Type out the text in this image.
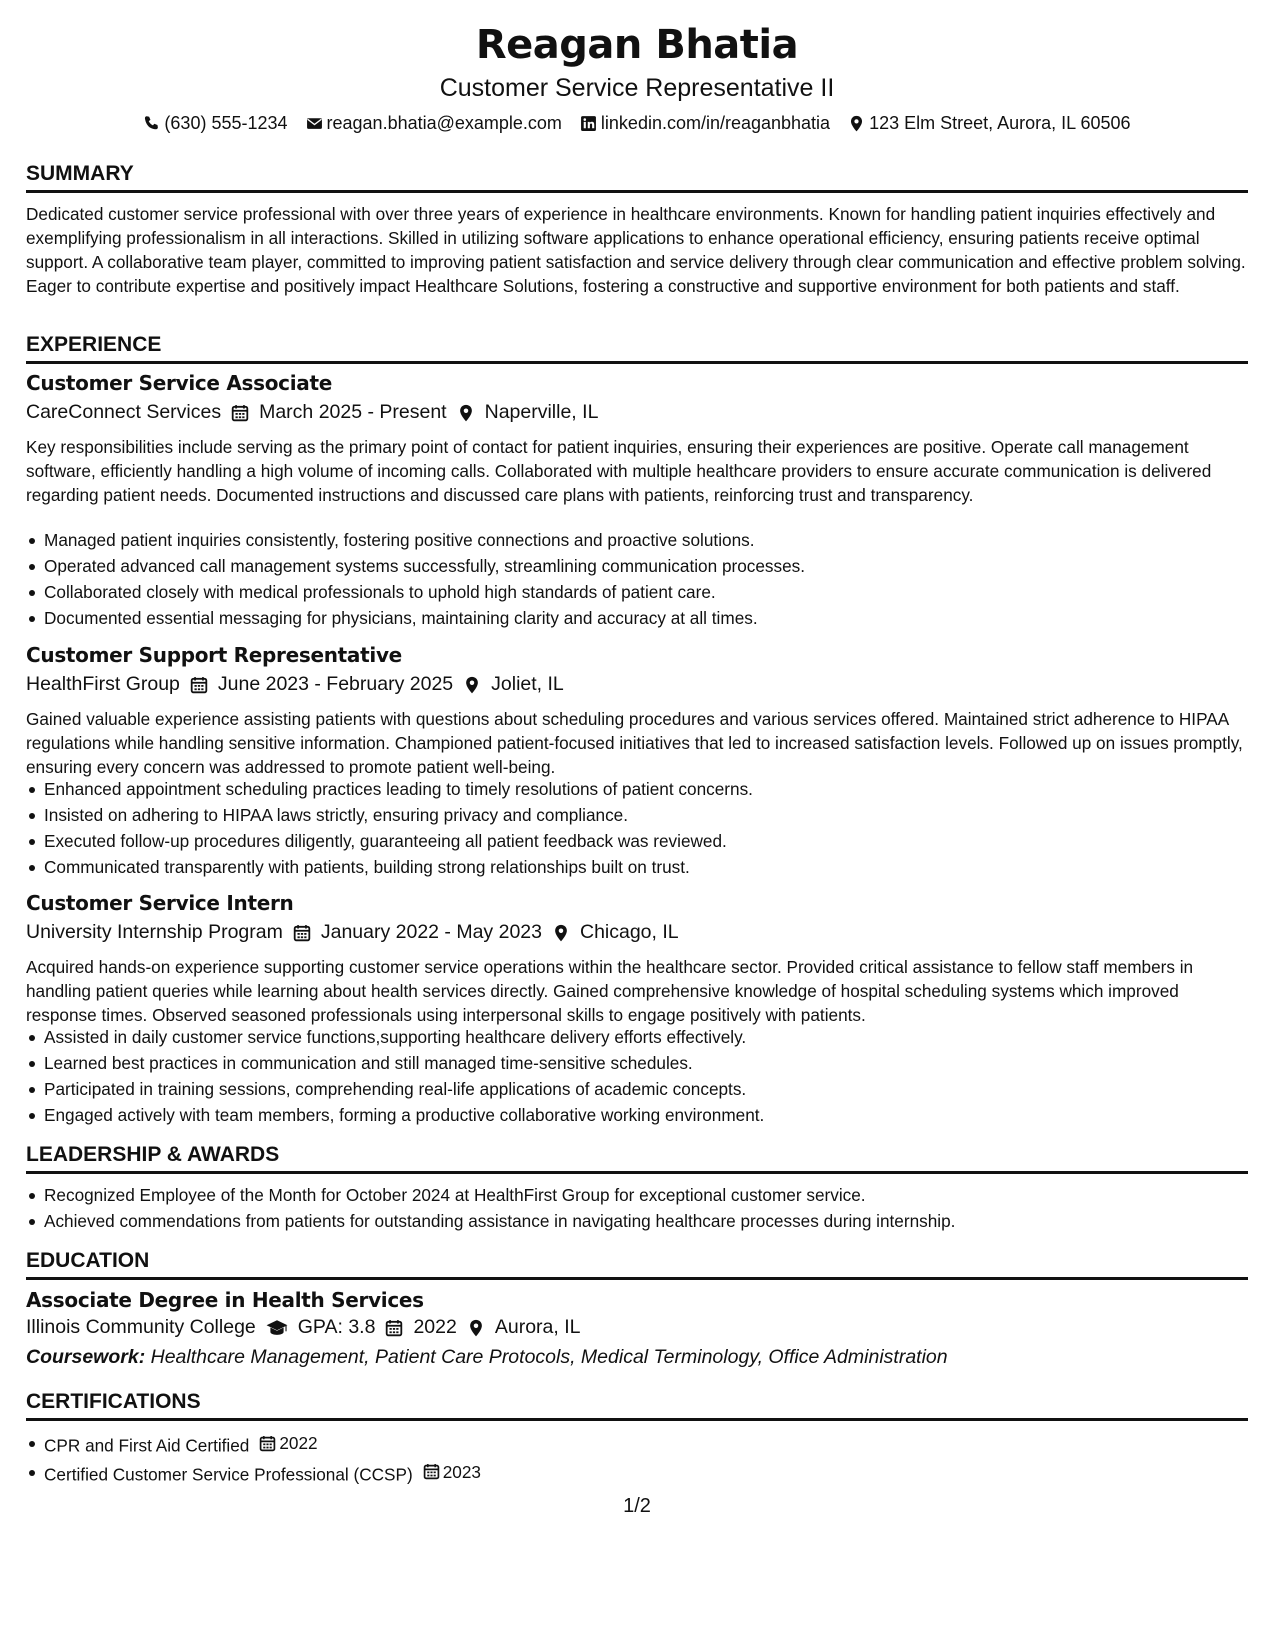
Reagan Bhatia
Customer Service Representative II
(630) 555-1234 reagan.bhatia@example.com linkedin.com/in/reaganbhatia 123 Elm Street, Aurora, IL 60506
SUMMARY
Dedicated customer service professional with over three years of experience in healthcare environments. Known for handling patient inquiries effectively and exemplifying professionalism in all interactions. Skilled in utilizing software applications to enhance operational efficiency, ensuring patients receive optimal support. A collaborative team player, committed to improving patient satisfaction and service delivery through clear communication and effective problem solving. Eager to contribute expertise and positively impact Healthcare Solutions, fostering a constructive and supportive environment for both patients and staff.
EXPERIENCE
Customer Service Associate
CareConnect Services March 2025 - Present Naperville, IL
Key responsibilities include serving as the primary point of contact for patient inquiries, ensuring their experiences are positive. Operate call management software, efficiently handling a high volume of incoming calls. Collaborated with multiple healthcare providers to ensure accurate communication is delivered regarding patient needs. Documented instructions and discussed care plans with patients, reinforcing trust and transparency.
Managed patient inquiries consistently, fostering positive connections and proactive solutions.
Operated advanced call management systems successfully, streamlining communication processes.
Collaborated closely with medical professionals to uphold high standards of patient care.
Documented essential messaging for physicians, maintaining clarity and accuracy at all times.
Customer Support Representative
HealthFirst Group June 2023 - February 2025 Joliet, IL
Gained valuable experience assisting patients with questions about scheduling procedures and various services offered. Maintained strict adherence to HIPAA regulations while handling sensitive information. Championed patient-focused initiatives that led to increased satisfaction levels. Followed up on issues promptly, ensuring every concern was addressed to promote patient well-being.
Enhanced appointment scheduling practices leading to timely resolutions of patient concerns.
Insisted on adhering to HIPAA laws strictly, ensuring privacy and compliance.
Executed follow-up procedures diligently, guaranteeing all patient feedback was reviewed.
Communicated transparently with patients, building strong relationships built on trust.
Customer Service Intern
University Internship Program January 2022 - May 2023 Chicago, IL
Acquired hands-on experience supporting customer service operations within the healthcare sector. Provided critical assistance to fellow staff members in handling patient queries while learning about health services directly. Gained comprehensive knowledge of hospital scheduling systems which improved response times. Observed seasoned professionals using interpersonal skills to engage positively with patients.
Assisted in daily customer service functions,supporting healthcare delivery efforts effectively.
Learned best practices in communication and still managed time-sensitive schedules.
Participated in training sessions, comprehending real-life applications of academic concepts.
Engaged actively with team members, forming a productive collaborative working environment.
LEADERSHIP & AWARDS
Recognized Employee of the Month for October 2024 at HealthFirst Group for exceptional customer service.
Achieved commendations from patients for outstanding assistance in navigating healthcare processes during internship.
EDUCATION
Associate Degree in Health Services
Illinois Community College GPA: 3.8 2022 Aurora, IL
Coursework: Healthcare Management, Patient Care Protocols, Medical Terminology, Office Administration
CERTIFICATIONS
CPR and First Aid Certified 2022
Certified Customer Service Professional (CCSP) 2023
1/2
